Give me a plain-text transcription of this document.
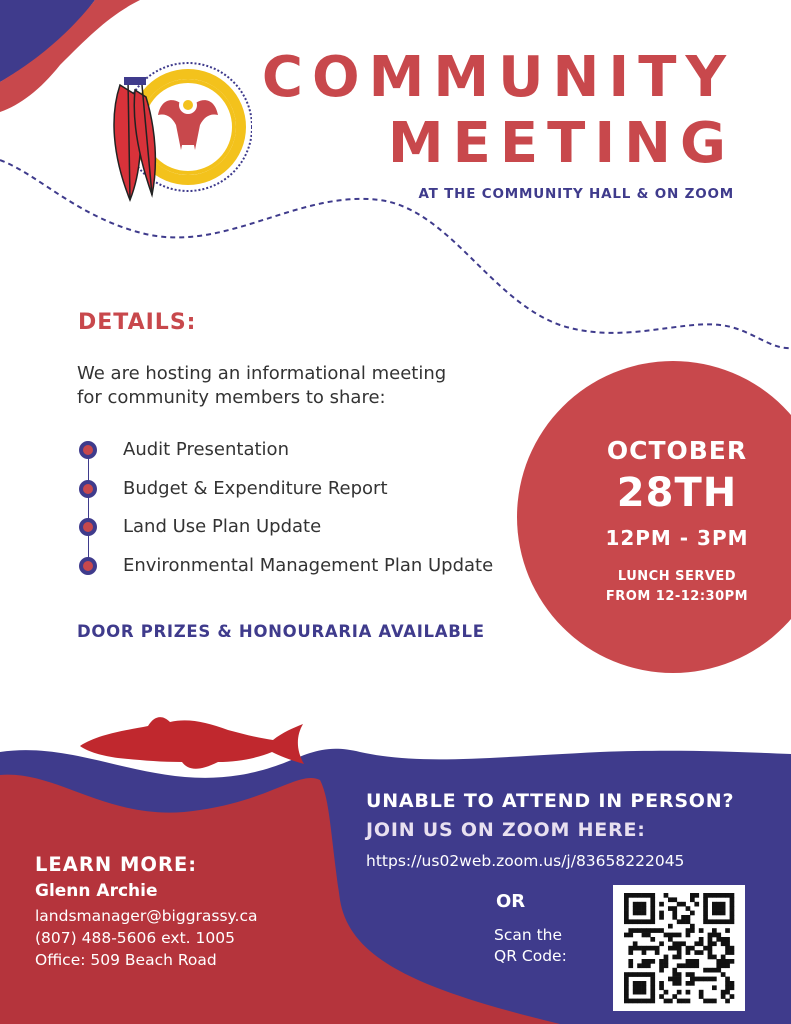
COMMUNITY
MEETING
AT THE COMMUNITY HALL & ON ZOOM
DETAILS:
We are hosting an informational meeting
for community members to share:
Audit Presentation
Budget & Expenditure Report
Land Use Plan Update
Environmental Management Plan Update
DOOR PRIZES & HONOURARIA AVAILABLE
OCTOBER
28TH
12PM - 3PM
LUNCH SERVED
FROM 12-12:30PM
UNABLE TO ATTEND IN PERSON?
JOIN US ON ZOOM HERE:
https://us02web.zoom.us/j/83658222045
OR
Scan the
QR Code:
LEARN MORE:
Glenn Archie
landsmanager@biggrassy.ca
(807) 488-5606 ext. 1005
Office: 509 Beach Road
